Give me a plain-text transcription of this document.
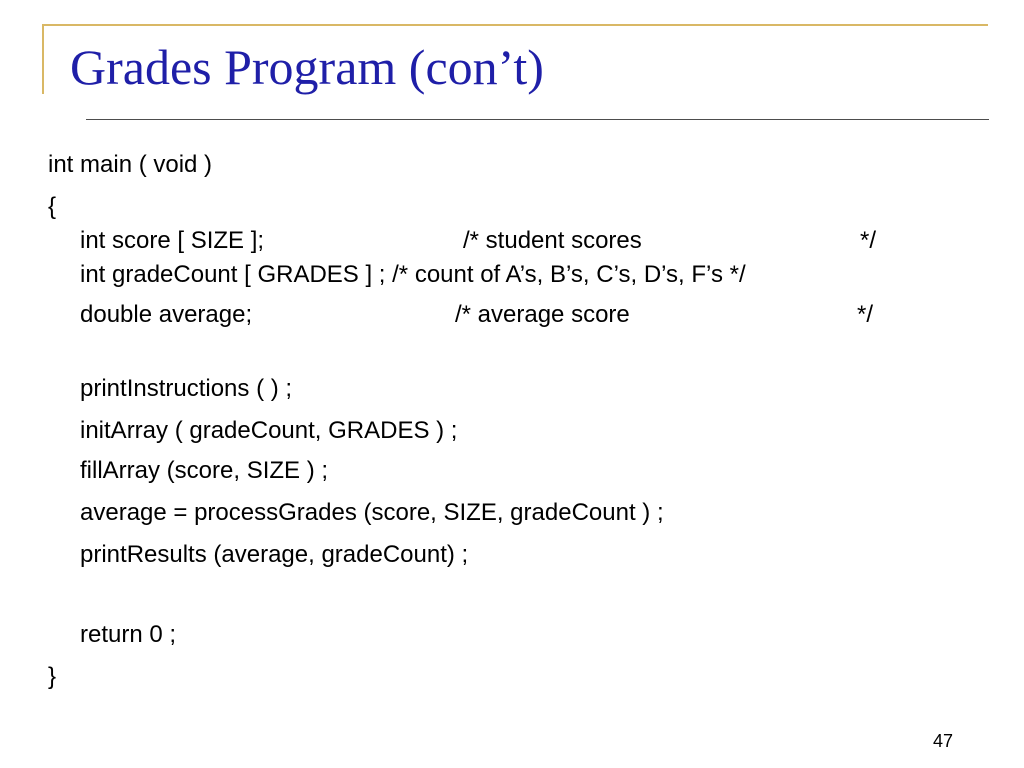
Grades Program (con’t)
int main ( void )
{
int score [ SIZE ];	/* student scores	*/
int gradeCount [ GRADES ] ; /* count of A’s, B’s, C’s, D’s, F’s */
double average;	/* average score	*/
printInstructions ( ) ;
initArray ( gradeCount, GRADES ) ;
fillArray (score, SIZE ) ;
average = processGrades (score, SIZE, gradeCount ) ;
printResults (average, gradeCount) ;
return 0 ;
}
47
